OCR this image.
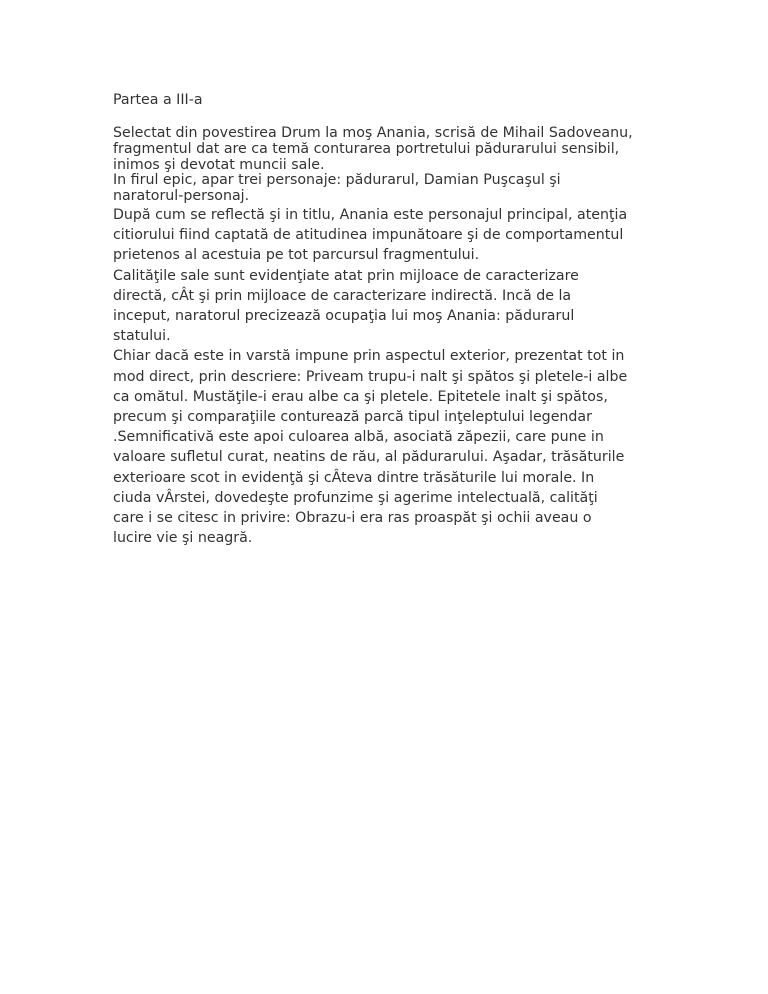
Partea a III-a
Selectat din povestirea Drum la moş Anania, scrisă de Mihail Sadoveanu,
fragmentul dat are ca temă conturarea portretului pădurarului sensibil,
inimos şi devotat muncii sale.
In firul epic, apar trei personaje: pădurarul, Damian Puşcaşul şi
naratorul-personaj.
După cum se reflectă şi in titlu, Anania este personajul principal, atenţia
citiorului fiind captată de atitudinea impunătoare şi de comportamentul
prietenos al acestuia pe tot parcursul fragmentului.
Calităţile sale sunt evidenţiate atat prin mijloace de caracterizare
directă, cÂt şi prin mijloace de caracterizare indirectă. Incă de la
inceput, naratorul precizează ocupaţia lui moş Anania: pădurarul
statului.
Chiar dacă este in varstă impune prin aspectul exterior, prezentat tot in
mod direct, prin descriere: Priveam trupu-i nalt şi spătos şi pletele-i albe
ca omătul. Mustăţile-i erau albe ca şi pletele. Epitetele inalt şi spătos,
precum şi comparaţiile conturează parcă tipul inţeleptului legendar
.Semnificativă este apoi culoarea albă, asociată zăpezii, care pune in
valoare sufletul curat, neatins de rău, al pădurarului. Aşadar, trăsăturile
exterioare scot in evidenţă şi cÂteva dintre trăsăturile lui morale. In
ciuda vÂrstei, dovedeşte profunzime şi agerime intelectuală, calităţi
care i se citesc in privire: Obrazu-i era ras proaspăt şi ochii aveau o
lucire vie şi neagră.
